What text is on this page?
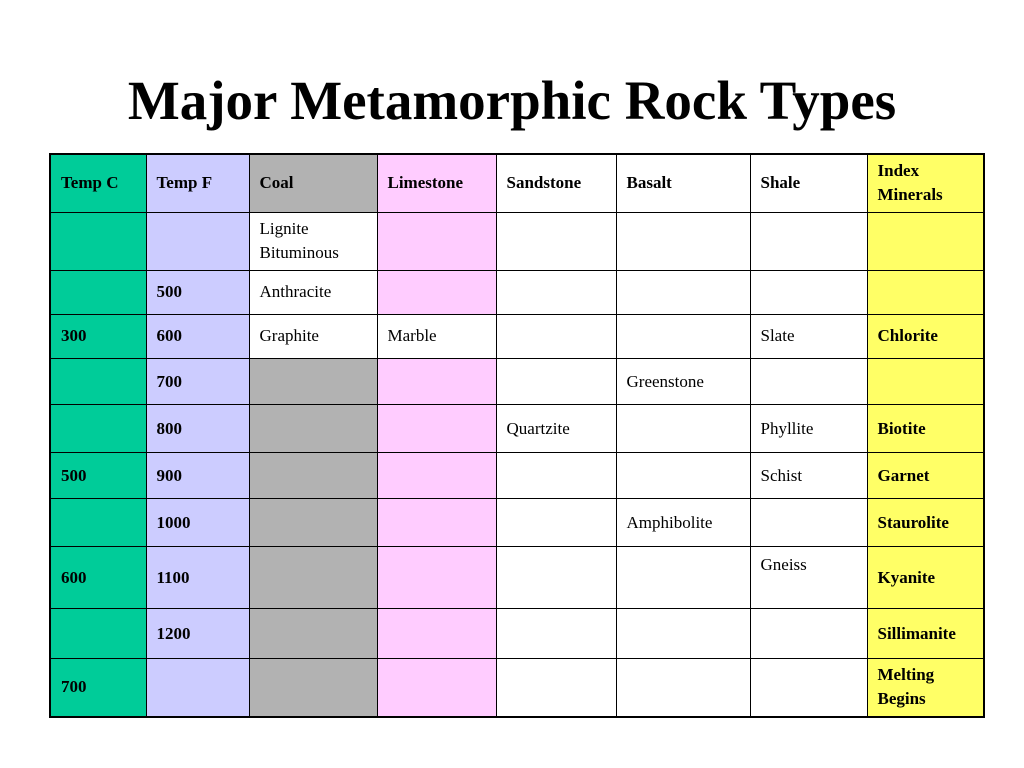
Major Metamorphic Rock Types
Temp C	Temp F	Coal	Limestone	Sandstone	Basalt	Shale	Index
Minerals
		Lignite
Bituminous					
	500	Anthracite					
300	600	Graphite	Marble			Slate	Chlorite
	700				Greenstone		
	800			Quartzite		Phyllite	Biotite
500	900					Schist	Garnet
	1000				Amphibolite		Staurolite
600	1100					Gneiss	Kyanite
	1200						Sillimanite
700							Melting
Begins
